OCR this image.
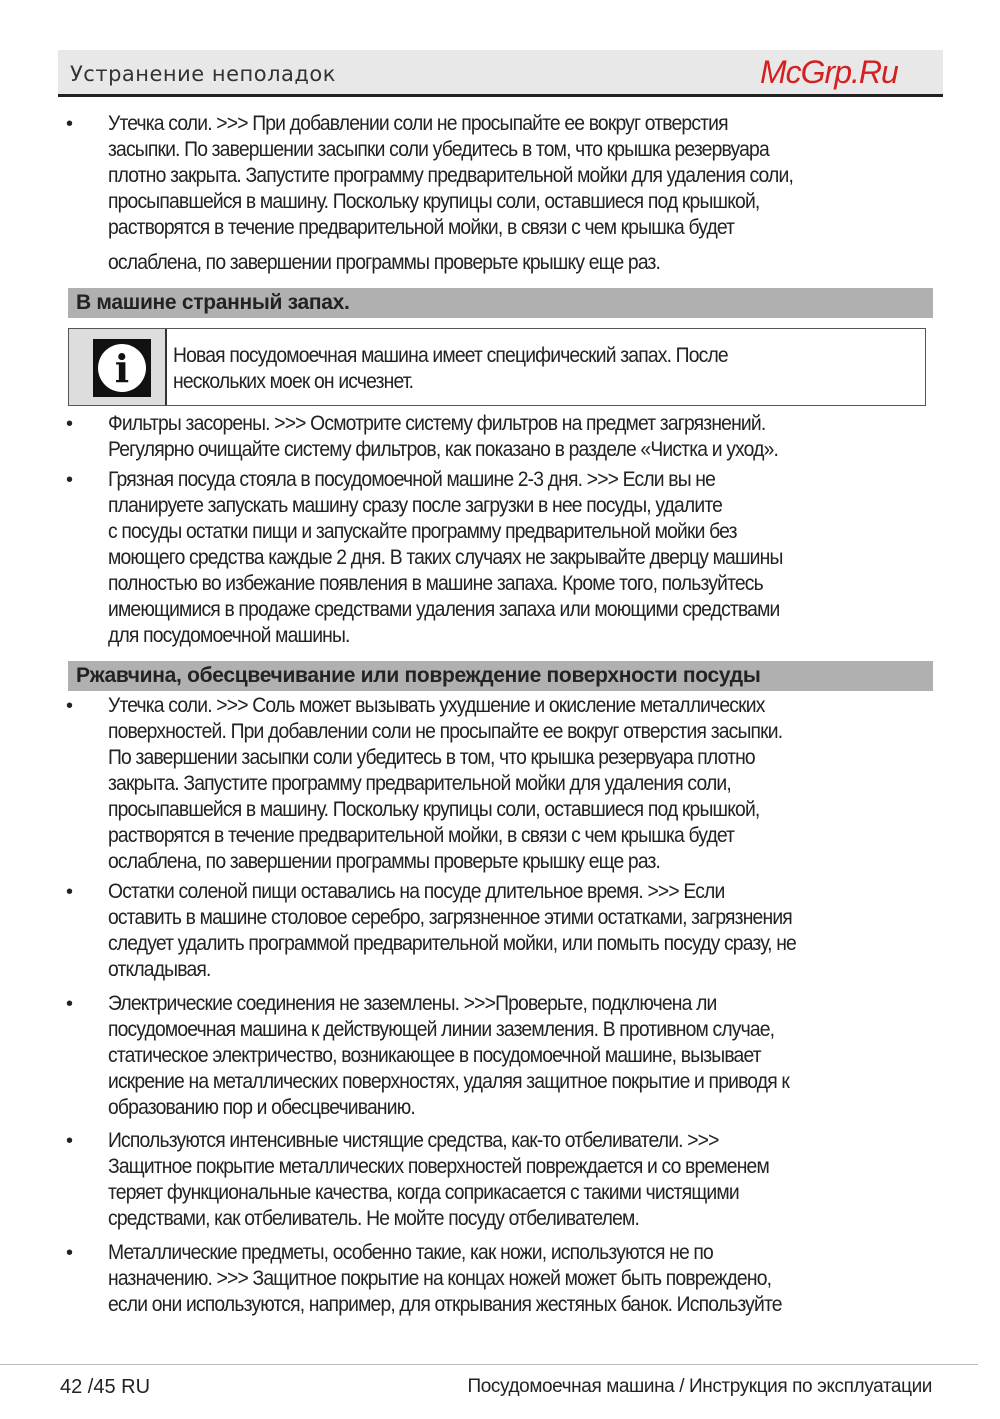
Устранение неполадок	McGrp.Ru
• Утечка соли. >>> При добавлении соли не просыпайте ее вокруг отверстия
засыпки. По завершении засыпки соли убедитесь в том, что крышка резервуара
плотно закрыта. Запустите программу предварительной мойки для удаления соли,
просыпавшейся в машину. Поскольку крупицы соли, оставшиеся под крышкой,
растворятся в течение предварительной мойки, в связи с чем крышка будет
ослаблена, по завершении программы проверьте крышку еще раз.
• Фильтры засорены. >>> Осмотрите систему фильтров на предмет загрязнений.
Регулярно очищайте систему фильтров, как показано в разделе «Чистка и уход».
• Грязная посуда стояла в посудомоечной машине 2-3 дня. >>> Если вы не
планируете запускать машину сразу после загрузки в нее посуды, удалите
с посуды остатки пищи и запускайте программу предварительной мойки без
моющего средства каждые 2 дня. В таких случаях не закрывайте дверцу машины
полностью во избежание появления в машине запаха. Кроме того, пользуйтесь
имеющимися в продаже средствами удаления запаха или моющими средствами
для посудомоечной машины.
• Утечка соли. >>> Соль может вызывать ухудшение и окисление металлических
поверхностей. При добавлении соли не просыпайте ее вокруг отверстия засыпки.
По завершении засыпки соли убедитесь в том, что крышка резервуара плотно
закрыта. Запустите программу предварительной мойки для удаления соли,
просыпавшейся в машину. Поскольку крупицы соли, оставшиеся под крышкой,
растворятся в течение предварительной мойки, в связи с чем крышка будет
ослаблена, по завершении программы проверьте крышку еще раз.
• Остатки соленой пищи оставались на посуде длительное время. >>> Если
оставить в машине столовое серебро, загрязненное этими остатками, загрязнения
следует удалить программой предварительной мойки, или помыть посуду сразу, не
откладывая.
• Электрические соединения не заземлены. >>>Проверьте, подключена ли
посудомоечная машина к действующей линии заземления. В противном случае,
статическое электричество, возникающее в посудомоечной машине, вызывает
искрение на металлических поверхностях, удаляя защитное покрытие и приводя к
образованию пор и обесцвечиванию.
• Используются интенсивные чистящие средства, как-то отбеливатели. >>>
Защитное покрытие металлических поверхностей повреждается и со временем
теряет функциональные качества, когда соприкасается с такими чистящими
средствами, как отбеливатель. Не мойте посуду отбеливателем.
• Металлические предметы, особенно такие, как ножи, используются не по
назначению. >>> Защитное покрытие на концах ножей может быть повреждено,
если они используются, например, для открывания жестяных банок. Используйте
В машине странный запах.
i	Новая посудомоечная машина имеет специфический запах. После
нескольких моек он исчезнет.
Ржавчина, обесцвечивание или повреждение поверхности посуды
42 /45 RU	Посудомоечная машина / Инструкция по эксплуатации
